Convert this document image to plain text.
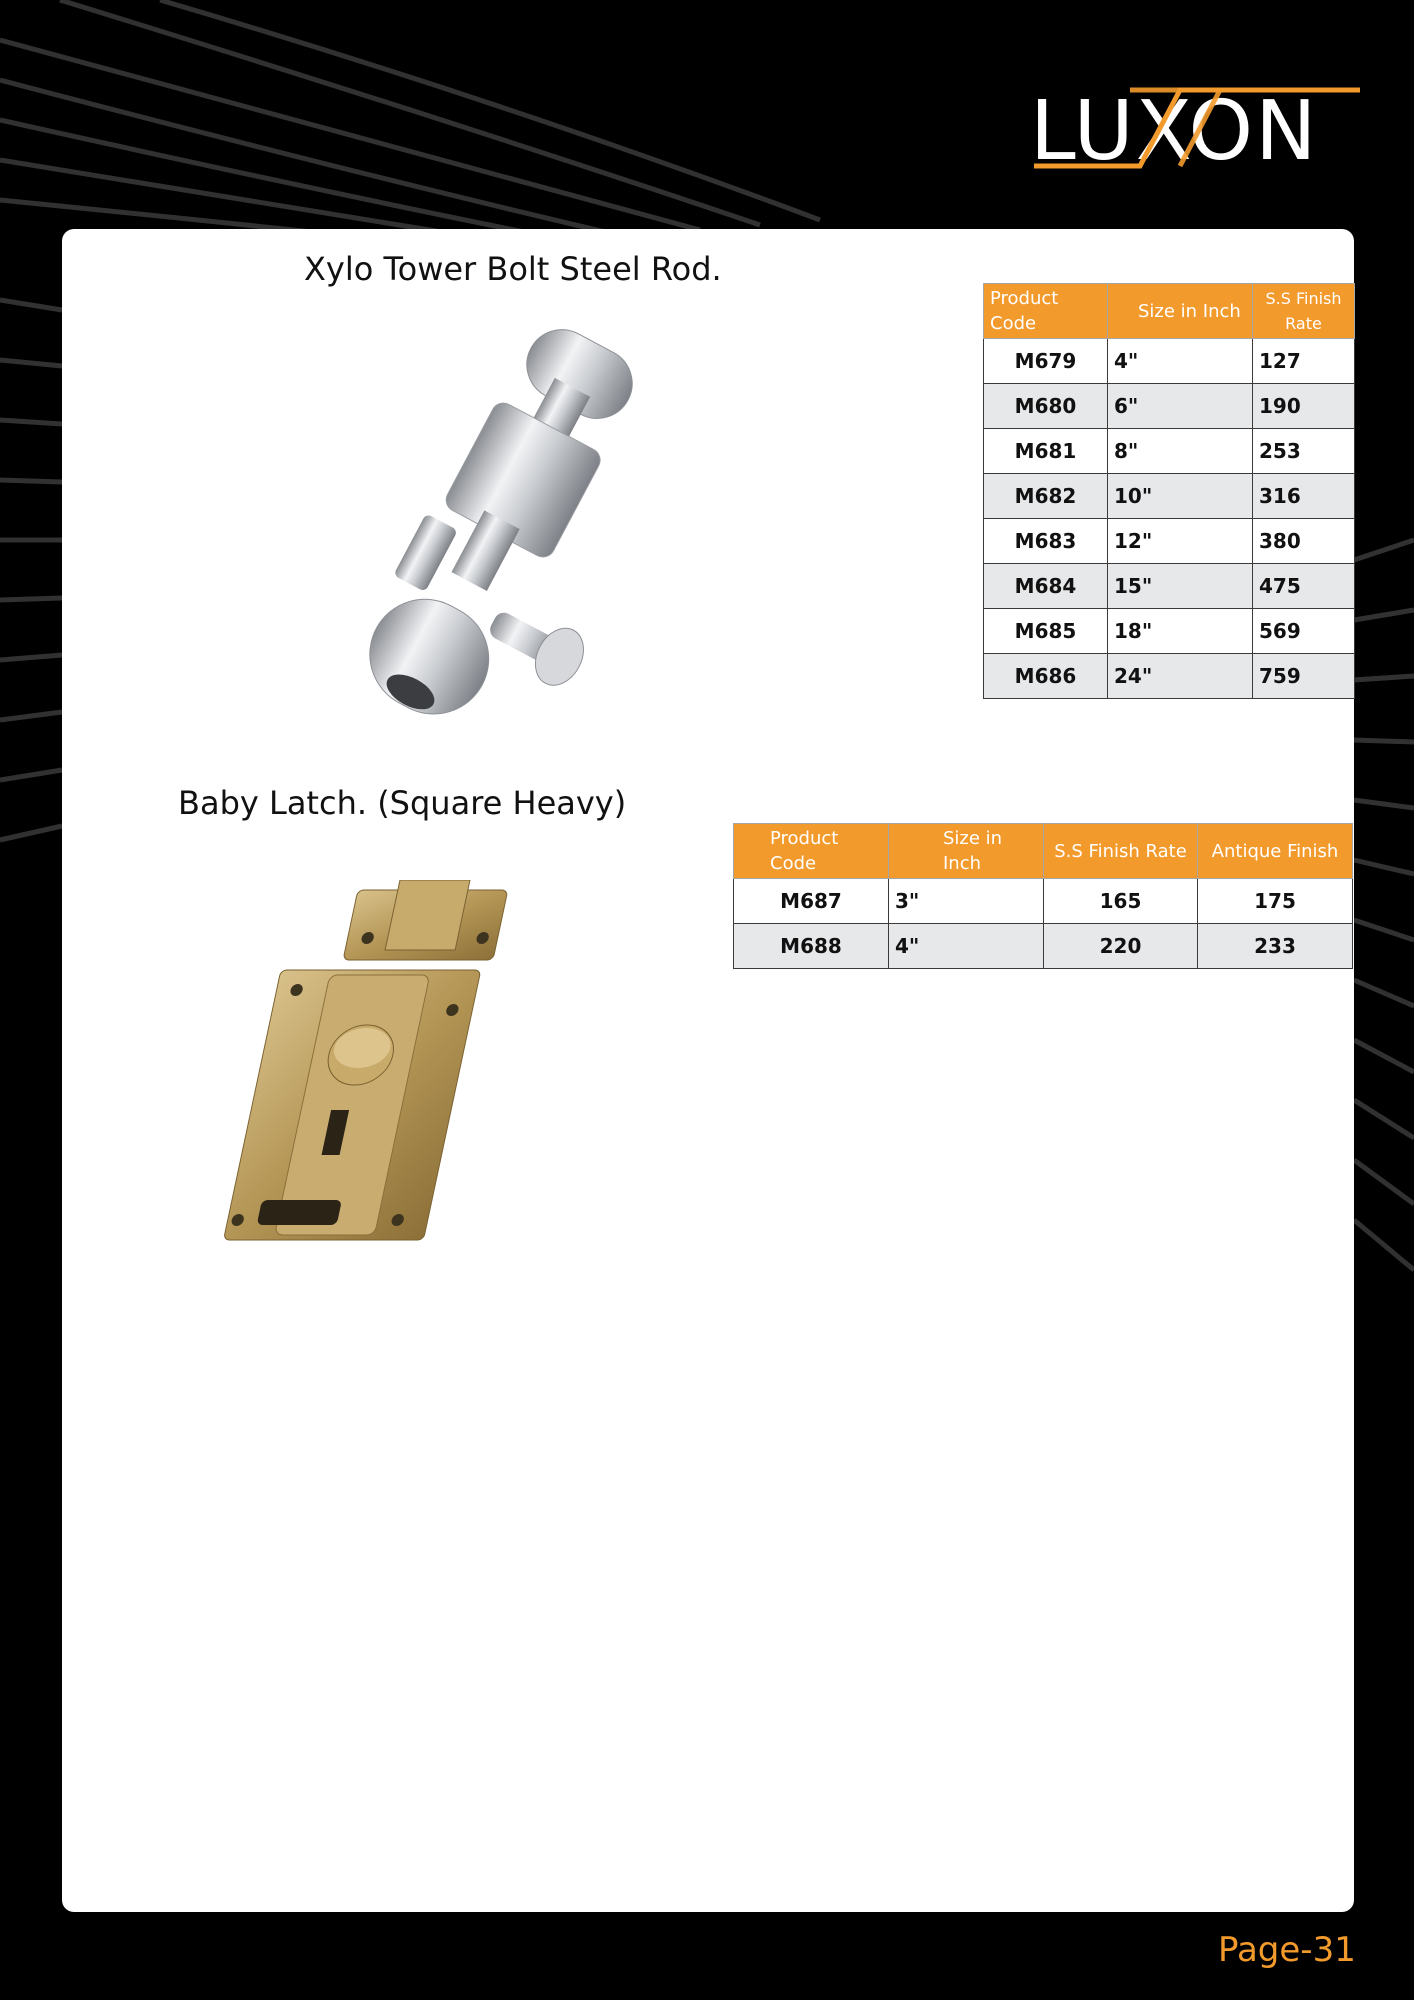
LUXON
Xylo Tower Bolt Steel Rod.
Product Code	Size in Inch	S.S Finish Rate
M679	4"	127
M680	6"	190
M681	8"	253
M682	10"	316
M683	12"	380
M684	15"	475
M685	18"	569
M686	24"	759
Baby Latch. (Square Heavy)
Product Code	Size in Inch	S.S Finish Rate	Antique Finish
M687	3"	165	175
M688	4"	220	233
Page-31
